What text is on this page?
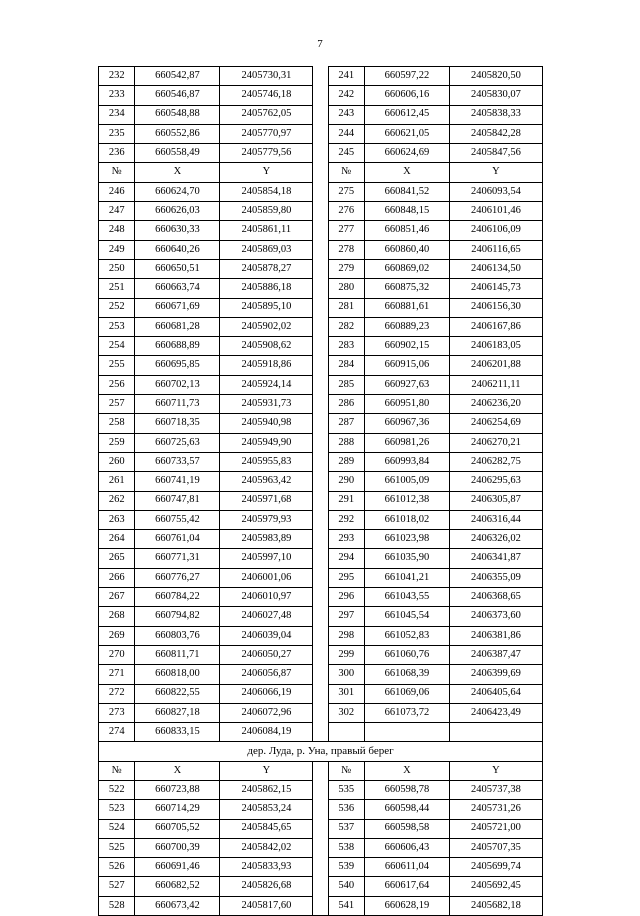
7
232	660542,87	2405730,31		241	660597,22	2405820,50
233	660546,87	2405746,18		242	660606,16	2405830,07
234	660548,88	2405762,05		243	660612,45	2405838,33
235	660552,86	2405770,97		244	660621,05	2405842,28
236	660558,49	2405779,56		245	660624,69	2405847,56
№	X	Y		№	X	Y
246	660624,70	2405854,18		275	660841,52	2406093,54
247	660626,03	2405859,80		276	660848,15	2406101,46
248	660630,33	2405861,11		277	660851,46	2406106,09
249	660640,26	2405869,03		278	660860,40	2406116,65
250	660650,51	2405878,27		279	660869,02	2406134,50
251	660663,74	2405886,18		280	660875,32	2406145,73
252	660671,69	2405895,10		281	660881,61	2406156,30
253	660681,28	2405902,02		282	660889,23	2406167,86
254	660688,89	2405908,62		283	660902,15	2406183,05
255	660695,85	2405918,86		284	660915,06	2406201,88
256	660702,13	2405924,14		285	660927,63	2406211,11
257	660711,73	2405931,73		286	660951,80	2406236,20
258	660718,35	2405940,98		287	660967,36	2406254,69
259	660725,63	2405949,90		288	660981,26	2406270,21
260	660733,57	2405955,83		289	660993,84	2406282,75
261	660741,19	2405963,42		290	661005,09	2406295,63
262	660747,81	2405971,68		291	661012,38	2406305,87
263	660755,42	2405979,93		292	661018,02	2406316,44
264	660761,04	2405983,89		293	661023,98	2406326,02
265	660771,31	2405997,10		294	661035,90	2406341,87
266	660776,27	2406001,06		295	661041,21	2406355,09
267	660784,22	2406010,97		296	661043,55	2406368,65
268	660794,82	2406027,48		297	661045,54	2406373,60
269	660803,76	2406039,04		298	661052,83	2406381,86
270	660811,71	2406050,27		299	661060,76	2406387,47
271	660818,00	2406056,87		300	661068,39	2406399,69
272	660822,55	2406066,19		301	661069,06	2406405,64
273	660827,18	2406072,96		302	661073,72	2406423,49
274	660833,15	2406084,19				
дер. Луда, р. Уна, правый берег						
№	X	Y		№	X	Y
522	660723,88	2405862,15		535	660598,78	2405737,38
523	660714,29	2405853,24		536	660598,44	2405731,26
524	660705,52	2405845,65		537	660598,58	2405721,00
525	660700,39	2405842,02		538	660606,43	2405707,35
526	660691,46	2405833,93		539	660611,04	2405699,74
527	660682,52	2405826,68		540	660617,64	2405692,45
528	660673,42	2405817,60		541	660628,19	2405682,18
